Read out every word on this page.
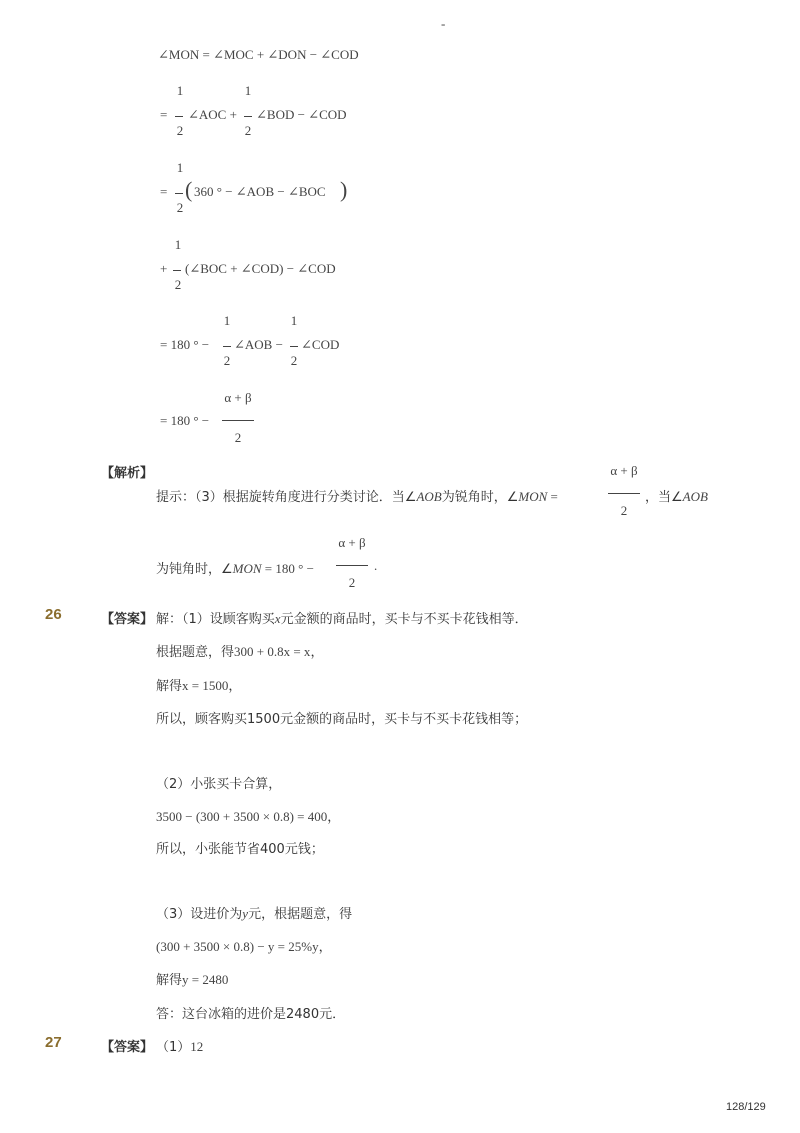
-
∠MON = ∠MOC + ∠DON − ∠COD
=
1
2
∠AOC +
1
2
∠BOD − ∠COD
=
1
2
( 360 ° − ∠AOB − ∠BOC )
+
1
2
(∠BOC + ∠COD) − ∠COD
= 180 ° −
1
2
∠AOB −
1
2
∠COD
= 180 ° −
α + β
2
【解析】
提示：（3）根据旋转角度进行分类讨论．当∠AOB为锐角时，∠MON =
α + β
2
，当∠AOB
为钝角时，∠MON = 180 ° −
α + β
2
.
26	【答案】 解：（1）设顾客购买x元金额的商品时，买卡与不买卡花钱相等．
根据题意，得300 + 0.8x = x，
解得x = 1500，
所以，顾客购买1500元金额的商品时，买卡与不买卡花钱相等；
（2）小张买卡合算，
3500 − (300 + 3500 × 0.8) = 400，
所以，小张能节省400元钱；
（3）设进价为y元，根据题意，得
(300 + 3500 × 0.8) − y = 25%y，
解得y = 2480
答：这台冰箱的进价是2480元．
27	【答案】 （1）12
128/129
